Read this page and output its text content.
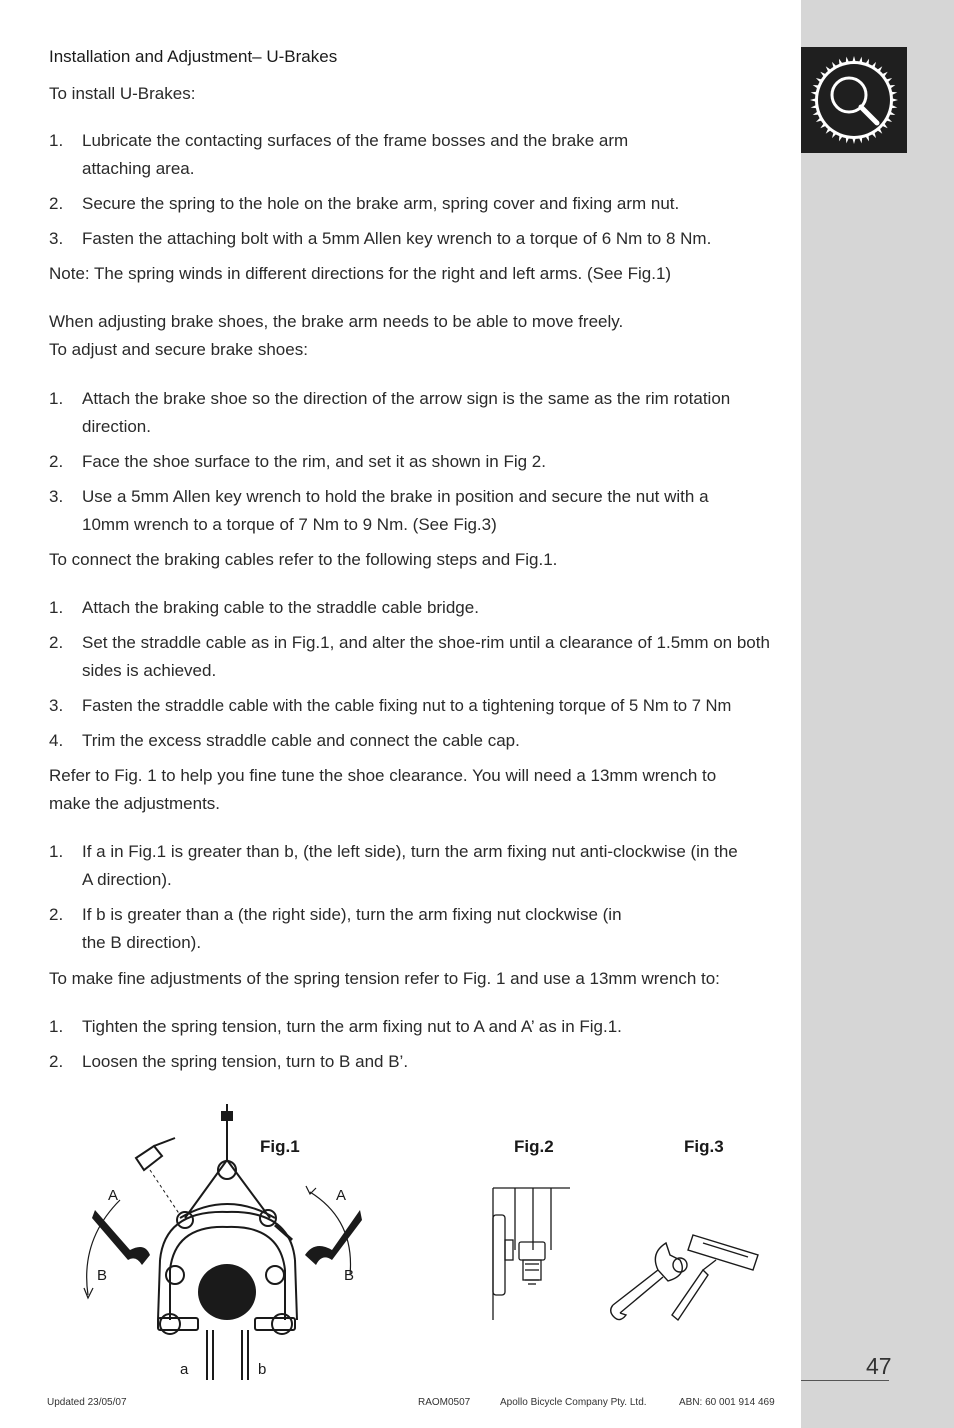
Installation and Adjustment– U-Brakes
To install U-Brakes:
1.	Lubricate the contacting surfaces of the frame bosses and the brake arm attaching area.
2.	Secure the spring to the hole on the brake arm, spring cover and fixing arm nut.
3.	Fasten the attaching bolt with a 5mm Allen key wrench to a torque of 6 Nm to 8 Nm.
Note: The spring winds in different directions for the right and left arms. (See Fig.1)
When adjusting brake shoes, the brake arm needs to be able to move freely.
To adjust and secure brake shoes:
1.	Attach the brake shoe so the direction of the arrow sign is the same as the rim rotation direction.
2.	Face the shoe surface to the rim, and set it as shown in Fig 2.
3.	Use a 5mm Allen key wrench to hold the brake in position and secure the nut with a 10mm wrench to a torque of 7 Nm to 9 Nm. (See Fig.3)
To connect the braking cables refer to the following steps and Fig.1.
1.	Attach the braking cable to the straddle cable bridge.
2.	Set the straddle cable as in Fig.1, and alter the shoe-rim until a clearance of 1.5mm on both sides is achieved.
3.	Fasten the straddle cable with the cable fixing nut to a tightening torque of 5 Nm to 7 Nm
4.	Trim the excess straddle cable and connect the cable cap.
Refer to Fig. 1 to help you fine tune the shoe clearance. You will need a 13mm wrench to make the adjustments.
1.	If a in Fig.1 is greater than b, (the left side), turn the arm fixing nut anti-clockwise (in the A direction).
2.	If b is greater than a (the right side), turn the arm fixing nut clockwise (in the B direction).
To make fine adjustments of the spring tension refer to Fig. 1 and use a 13mm wrench to:
1.	Tighten the spring tension, turn the arm fixing nut to A and A’ as in Fig.1.
2.	Loosen the spring tension, turn to B and B’.
Fig.1	Fig.2	Fig.3
A	A
B	B
a	b	47
Updated 23/05/07	RAOM0507	Apollo Bicycle Company Pty. Ltd.	ABN: 60 001 914 469
